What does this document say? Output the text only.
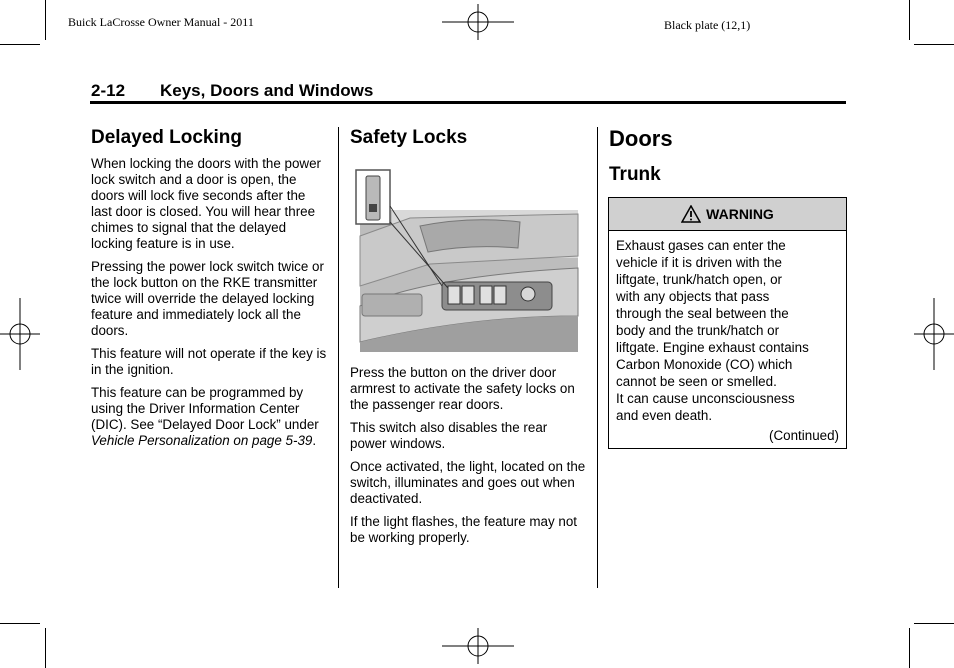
Buick LaCrosse Owner Manual - 2011	Black plate (12,1)
2-12 Keys, Doors and Windows
Delayed Locking

When locking the doors with the power lock switch and a door is open, the doors will lock five seconds after the last door is closed. You will hear three chimes to signal that the delayed locking feature is in use.

Pressing the power lock switch twice or the lock button on the RKE transmitter twice will override the delayed locking feature and immediately lock all the doors.

This feature will not operate if the key is in the ignition.

This feature can be programmed by using the Driver Information Center (DIC). See “Delayed Door Lock” under Vehicle Personalization on page 5-39.

Safety Locks

Press the button on the driver door armrest to activate the safety locks on the passenger rear doors.

This switch also disables the rear power windows.

Once activated, the light, located on the switch, illuminates and goes out when deactivated.

If the light flashes, the feature may not be working properly.

Doors
Trunk
WARNING
Exhaust gases can enter the
vehicle if it is driven with the
liftgate, trunk/hatch open, or
with any objects that pass
through the seal between the
body and the trunk/hatch or
liftgate. Engine exhaust contains
Carbon Monoxide (CO) which
cannot be seen or smelled.
It can cause unconsciousness
and even death.
(Continued)
